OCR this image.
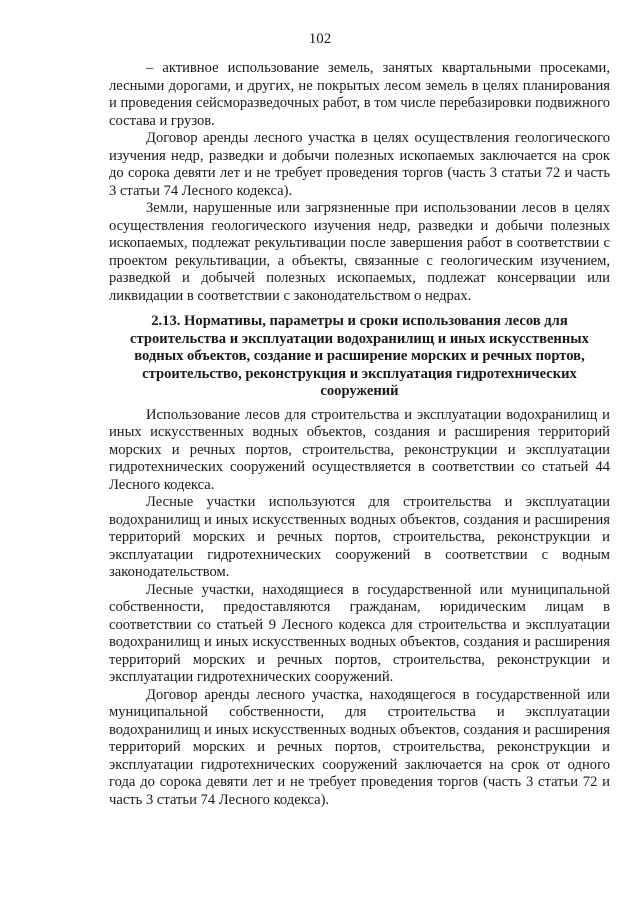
102

– активное использование земель, занятых квартальными просеками, лесными дорогами, и других, не покрытых лесом земель в целях планирования и проведения сейсморазведочных работ, в том числе перебазировки подвижного состава и грузов.

Договор аренды лесного участка в целях осуществления геологического изучения недр, разведки и добычи полезных ископаемых заключается на срок до сорока девяти лет и не требует проведения торгов (часть 3 статьи 72 и часть 3 статьи 74 Лесного кодекса).

Земли, нарушенные или загрязненные при использовании лесов в целях осуществления геологического изучения недр, разведки и добычи полезных ископаемых, подлежат рекультивации после завершения работ в соответствии с проектом рекультивации, а объекты, связанные с геологическим изучением, разведкой и добычей полезных ископаемых, подлежат консервации или ликвидации в соответствии с законодательством о недрах.

2.13. Нормативы, параметры и сроки использования лесов для строительства и эксплуатации водохранилищ и иных искусственных водных объектов, создание и расширение морских и речных портов, строительство, реконструкция и эксплуатация гидротехнических сооружений

Использование лесов для строительства и эксплуатации водохранилищ и иных искусственных водных объектов, создания и расширения территорий морских и речных портов, строительства, реконструкции и эксплуатации гидротехнических сооружений осуществляется в соответствии со статьей 44 Лесного кодекса.

Лесные участки используются для строительства и эксплуатации водохранилищ и иных искусственных водных объектов, создания и расширения территорий морских и речных портов, строительства, реконструкции и эксплуатации гидротехнических сооружений в соответствии с водным законодательством.

Лесные участки, находящиеся в государственной или муниципальной собственности, предоставляются гражданам, юридическим лицам в соответствии со статьей 9 Лесного кодекса для строительства и эксплуатации водохранилищ и иных искусственных водных объектов, создания и расширения территорий морских и речных портов, строительства, реконструкции и эксплуатации гидротехнических сооружений.

Договор аренды лесного участка, находящегося в государственной или муниципальной собственности, для строительства и эксплуатации водохранилищ и иных искусственных водных объектов, создания и расширения территорий морских и речных портов, строительства, реконструкции и эксплуатации гидротехнических сооружений заключается на срок от одного года до сорока девяти лет и не требует проведения торгов (часть 3 статьи 72 и часть 3 статьи 74 Лесного кодекса).
